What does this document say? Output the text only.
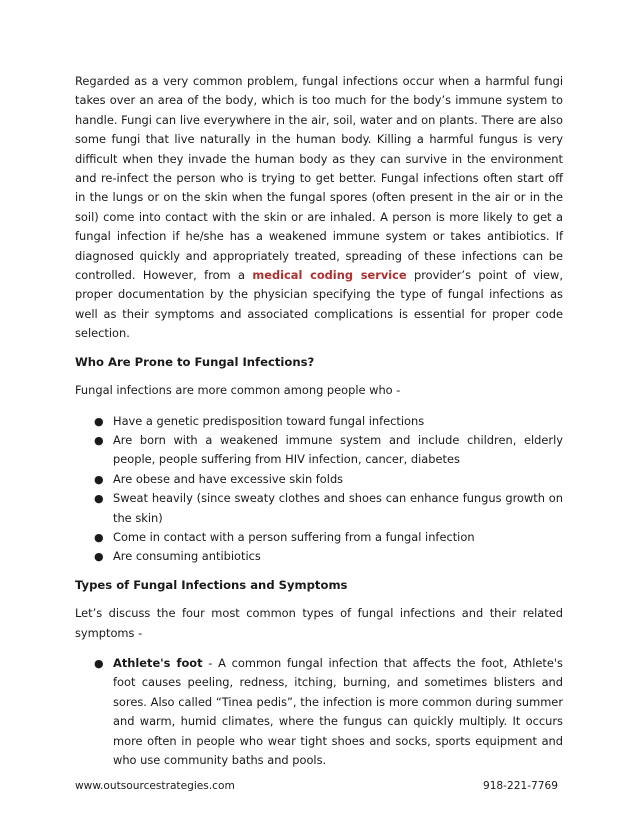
Regarded as a very common problem, fungal infections occur when a harmful fungi takes over an area of the body, which is too much for the body’s immune system to handle. Fungi can live everywhere in the air, soil, water and on plants. There are also some fungi that live naturally in the human body. Killing a harmful fungus is very difficult when they invade the human body as they can survive in the environment and re-infect the person who is trying to get better. Fungal infections often start off in the lungs or on the skin when the fungal spores (often present in the air or in the soil) come into contact with the skin or are inhaled. A person is more likely to get a fungal infection if he/she has a weakened immune system or takes antibiotics. If diagnosed quickly and appropriately treated, spreading of these infections can be controlled. However, from a medical coding service provider’s point of view, proper documentation by the physician specifying the type of fungal infections as well as their symptoms and associated complications is essential for proper code selection.

Who Are Prone to Fungal Infections?

Fungal infections are more common among people who -

● Have a genetic predisposition toward fungal infections
● Are born with a weakened immune system and include children, elderly people, people suffering from HIV infection, cancer, diabetes
● Are obese and have excessive skin folds
● Sweat heavily (since sweaty clothes and shoes can enhance fungus growth on the skin)
● Come in contact with a person suffering from a fungal infection
● Are consuming antibiotics

Types of Fungal Infections and Symptoms

Let’s discuss the four most common types of fungal infections and their related symptoms -

● Athlete's foot - A common fungal infection that affects the foot, Athlete's foot causes peeling, redness, itching, burning, and sometimes blisters and sores. Also called “Tinea pedis”, the infection is more common during summer and warm, humid climates, where the fungus can quickly multiply. It occurs more often in people who wear tight shoes and socks, sports equipment and who use community baths and pools.
www.outsourcestrategies.com	918-221-7769
